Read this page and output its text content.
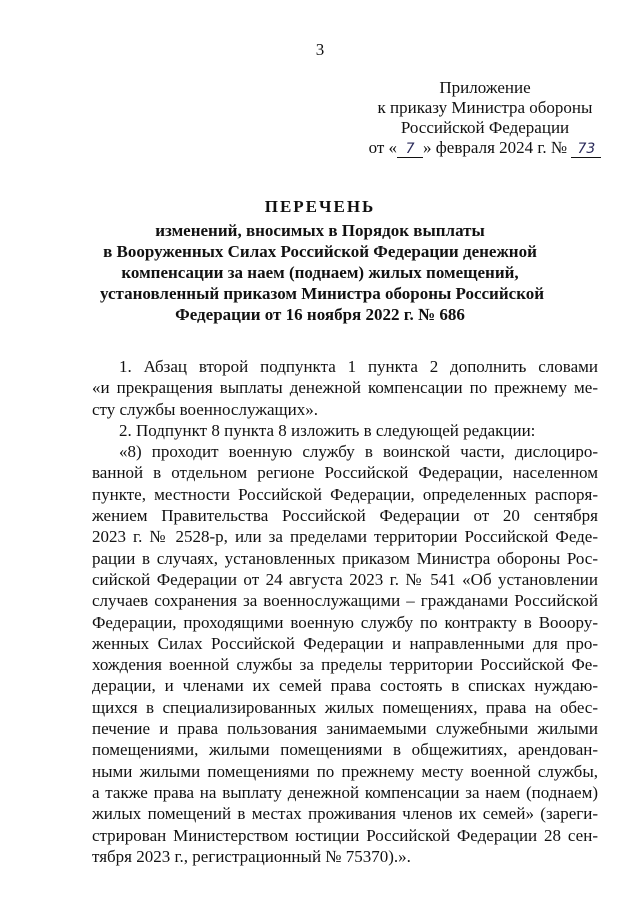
3
Приложение
к приказу Министра обороны
Российской Федерации
от « 7 » февраля 2024 г. № 73
ПЕРЕЧЕНЬ
изменений, вносимых в Порядок выплаты
в Вооруженных Силах Российской Федерации денежной
компенсации за наем (поднаем) жилых помещений,
установленный приказом Министра обороны Российской
Федерации от 16 ноября 2022 г. № 686
1. Абзац второй подпункта 1 пункта 2 дополнить словами
«и прекращения выплаты денежной компенсации по прежнему ме-
сту службы военнослужащих».
2. Подпункт 8 пункта 8 изложить в следующей редакции:
«8) проходит военную службу в воинской части, дислоциро-
ванной в отдельном регионе Российской Федерации, населенном
пункте, местности Российской Федерации, определенных распоря-
жением Правительства Российской Федерации от 20 сентября
2023 г. № 2528-р, или за пределами территории Российской Феде-
рации в случаях, установленных приказом Министра обороны Рос-
сийской Федерации от 24 августа 2023 г. № 541 «Об установлении
случаев сохранения за военнослужащими – гражданами Российской
Федерации, проходящими военную службу по контракту в Вооору-
женных Силах Российской Федерации и направленными для про-
хождения военной службы за пределы территории Российской Фе-
дерации, и членами их семей права состоять в списках нуждаю-
щихся в специализированных жилых помещениях, права на обес-
печение и права пользования занимаемыми служебными жилыми
помещениями, жилыми помещениями в общежитиях, арендован-
ными жилыми помещениями по прежнему месту военной службы,
а также права на выплату денежной компенсации за наем (поднаем)
жилых помещений в местах проживания членов их семей» (зареги-
стрирован Министерством юстиции Российской Федерации 28 сен-
тября 2023 г., регистрационный № 75370).».
